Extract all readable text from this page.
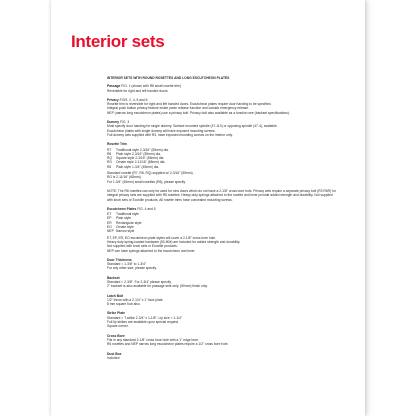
Interior sets

INTERIOR SETS WITH ROUND ROSETTES AND LONG ESCUTCHEON PLATES

Passage FIG. 1 (shown with R8 small rosette trim)

Reversible for right and left handed doors.

Privacy FIGS. 2, 4, 5 and 6

Rosette trim is reversible for right and left handed doors. Escutcheon plates require door handing to be specified.
Integral push button privacy feature inside panic release function and outside emergency release.
NEP (narrow long escutcheon plates) use a privacy bolt. Privacy bolt also available as a function see (backset specifications).

Dummy FIG. 3

Must specify door handing for single dummy. Surface mounted spindle (47-110) or opposing spindle (47-4), available.
Escutcheon plates with single dummy will have exposed mounting screws.
Full dummy sets supplied with R3, have exposed mounting screws on the interior only.

Rosette Trim

R7	Traditional style 2-3/16" (55mm) dia.
R8	Plain style 2-3/16" (55mm) dia.
RQ	Square style 2-3/16" (55mm) dia.
RG	Ornate style 2-11/16" (68mm) dia.
R6	Plain style 1-3/4" (45mm) dia.

Standard rosette (R7, R8, RQ) supplied w/ 2-3/16" (55mm).
RG is 2-11/16" (68mm).
For 1-3/4" (45mm) small rosettes (R6), please specify.

NOTE: The R6 rosettes can only be used for new doors which do not have a 2-1/8" cross bore hole. Privacy sets require a separate privacy bolt (R3 R6R) for integral privacy sets are supplied with R6 rosettes. Heavy duty springs attached to the rosette and lever provide added strength and durability. Not supplied with knob sets or Ecoville products. All rosette trims have concealed mounting screws.

Escutcheon Plates FIG. 4 and 5

ET	Traditional style
EP	Plain style
ER	Rectangular style
EO	Ornate style
NEP Narrow style

ET, EP, ER, EO escutcheon plate styles will cover a 2-1/8" cross bore hole.
Heavy duty spring-loaded hardware (50-80#) are included for added strength and durability.
Not supplied with knob sets or Ecoville products.
NEP can have springs attached to the escutcheon and lever.

Door Thickness

Standard = 1-3/8" to 1-3/4"
For any other size, please specify.

Backset

Standard = 2-3/8". For 2-3/4" please specify.
2" backset is also available for passage sets only. (50mm) finish only.

Latch Bolt

1/2" throw with a 2-1/4" x 1" face plate.
8 mm square hub also.

Strike Plate

Standard = T-strike 2-3/4" x 1-1/8". Lip size = 1-1/4"
Full lip strikes are available upon special request.
Square corner.

Cross Bore

Fits in any standard 2-1/8" cross bore hole with a 1" edge bore.
R6 rosettes and NEP narrow long escutcheon plates require a 1/2" cross bore hole.

Dust Box

Included
